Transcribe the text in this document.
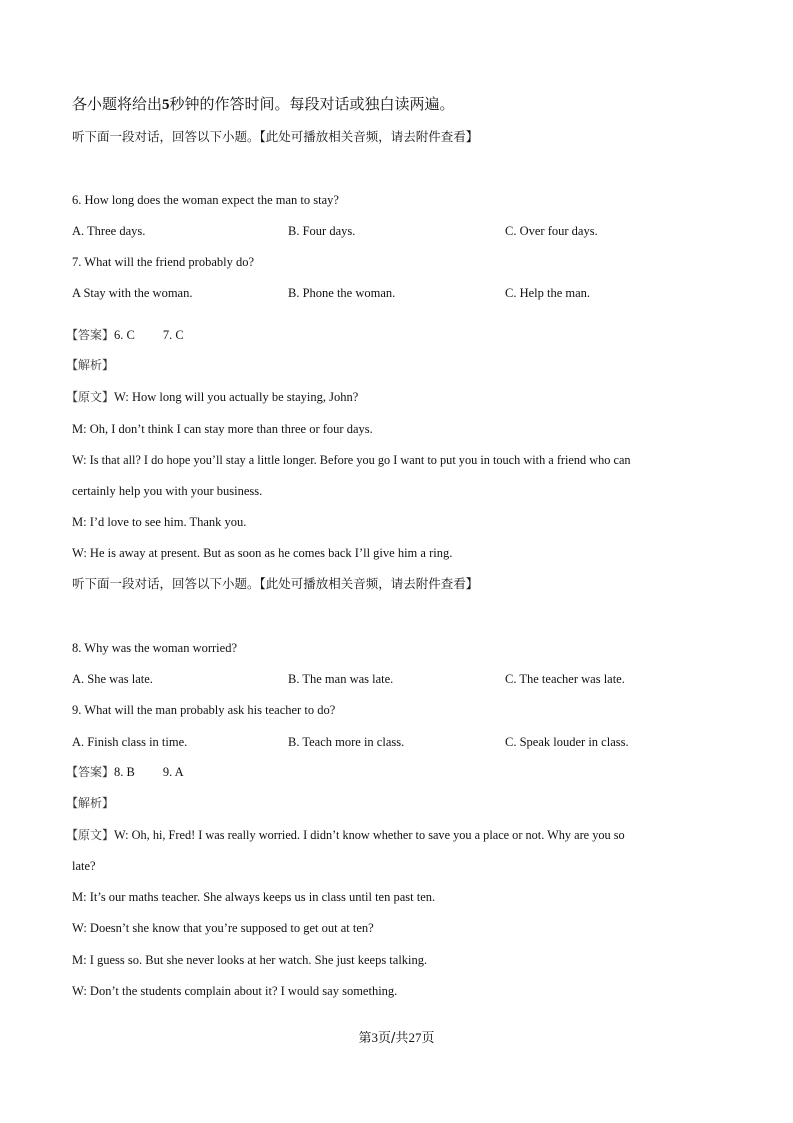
各小题将给出5秒钟的作答时间。每段对话或独白读两遍。
听下面一段对话，回答以下小题。【此处可播放相关音频，请去附件查看】
6. How long does the woman expect the man to stay?
A. Three days.	B. Four days.	C. Over four days.
7. What will the friend probably do?
A Stay with the woman.	B. Phone the woman.	C. Help the man.
【答案】6. C 7. C
【解析】
【原文】W: How long will you actually be staying, John?
M: Oh, I don’t think I can stay more than three or four days.
W: Is that all? I do hope you’ll stay a little longer. Before you go I want to put you in touch with a friend who can
certainly help you with your business.
M: I’d love to see him. Thank you.
W: He is away at present. But as soon as he comes back I’ll give him a ring.
听下面一段对话，回答以下小题。【此处可播放相关音频，请去附件查看】
8. Why was the woman worried?
A. She was late.	B. The man was late.	C. The teacher was late.
9. What will the man probably ask his teacher to do?
A. Finish class in time.	B. Teach more in class.	C. Speak louder in class.
【答案】8. B 9. A
【解析】
【原文】W: Oh, hi, Fred! I was really worried. I didn’t know whether to save you a place or not. Why are you so
late?
M: It’s our maths teacher. She always keeps us in class until ten past ten.
W: Doesn’t she know that you’re supposed to get out at ten?
M: I guess so. But she never looks at her watch. She just keeps talking.
W: Don’t the students complain about it? I would say something.
第3页/共27页
